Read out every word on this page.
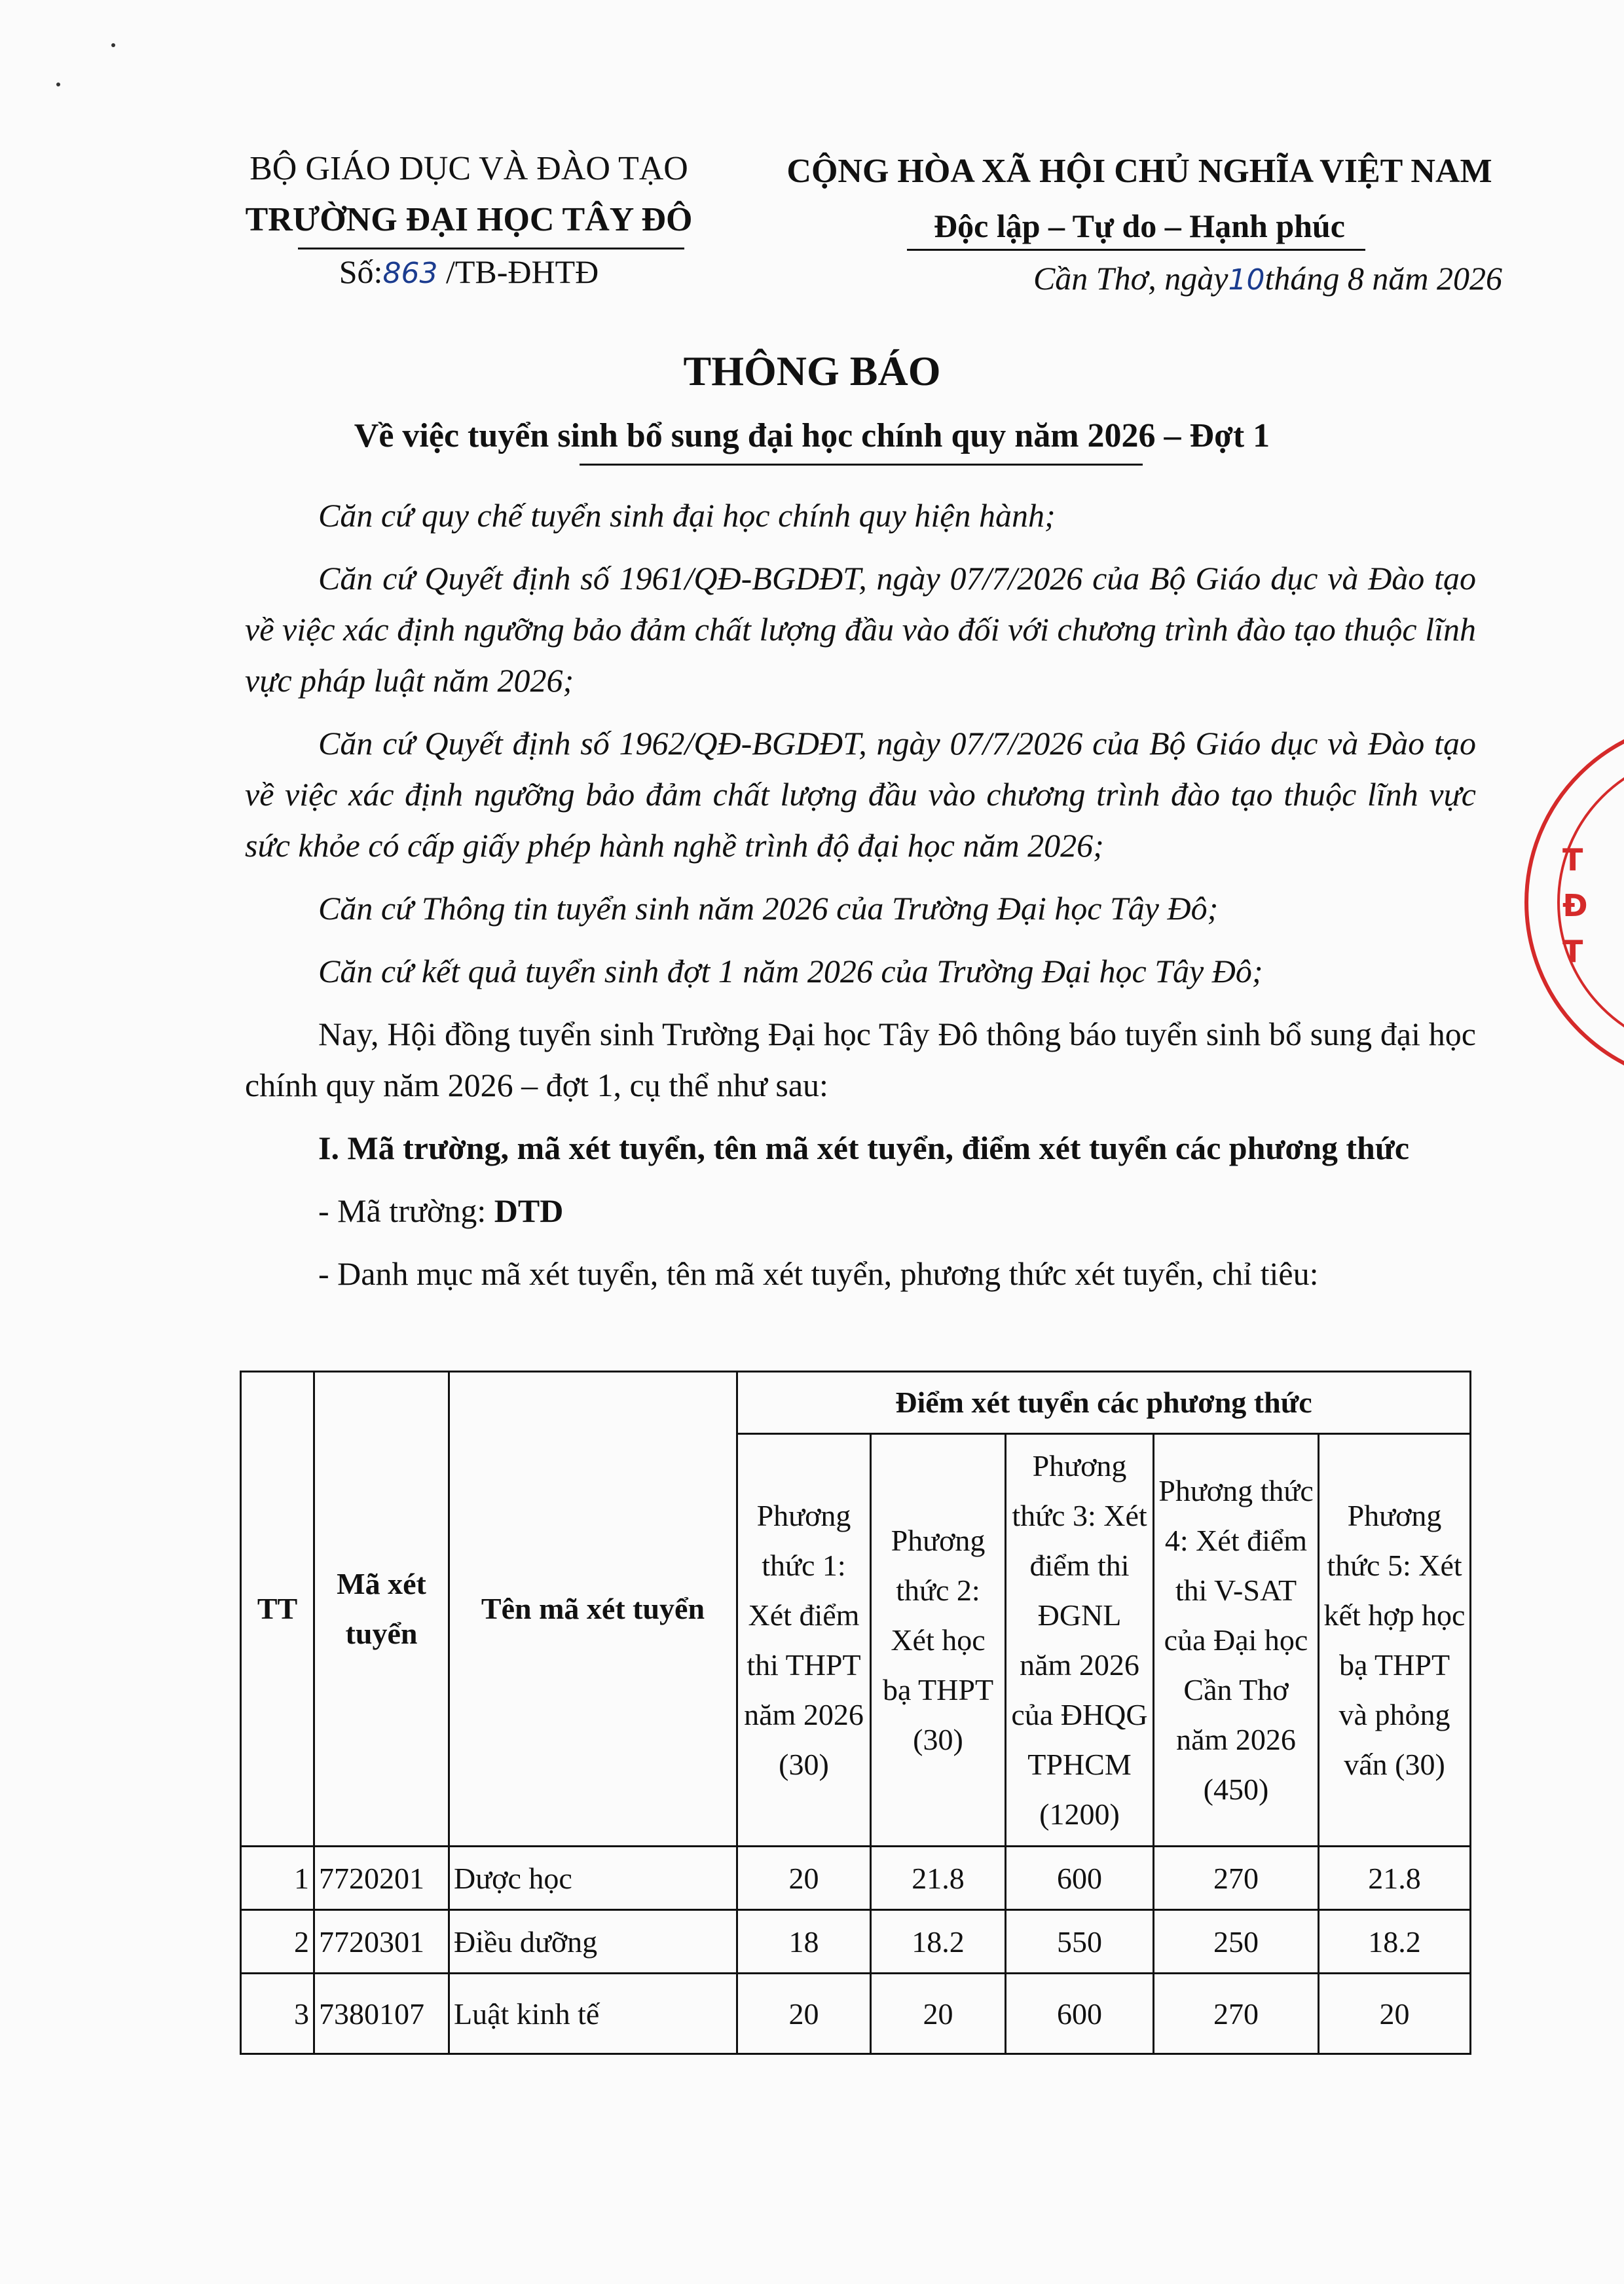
BỘ GIÁO DỤC VÀ ĐÀO TẠO
TRƯỜNG ĐẠI HỌC TÂY ĐÔ
Số:863 /TB-ĐHTĐ
CỘNG HÒA XÃ HỘI CHỦ NGHĨA VIỆT NAM
Độc lập – Tự do – Hạnh phúc
Cần Thơ, ngày10tháng 8 năm 2026
THÔNG BÁO
Về việc tuyển sinh bổ sung đại học chính quy năm 2026 – Đợt 1

Căn cứ quy chế tuyển sinh đại học chính quy hiện hành;

Căn cứ Quyết định số 1961/QĐ-BGDĐT, ngày 07/7/2026 của Bộ Giáo dục và Đào tạo về việc xác định ngưỡng bảo đảm chất lượng đầu vào đối với chương trình đào tạo thuộc lĩnh vực pháp luật năm 2026;

Căn cứ Quyết định số 1962/QĐ-BGDĐT, ngày 07/7/2026 của Bộ Giáo dục và Đào tạo về việc xác định ngưỡng bảo đảm chất lượng đầu vào chương trình đào tạo thuộc lĩnh vực sức khỏe có cấp giấy phép hành nghề trình độ đại học năm 2026;

Căn cứ Thông tin tuyển sinh năm 2026 của Trường Đại học Tây Đô;

Căn cứ kết quả tuyển sinh đợt 1 năm 2026 của Trường Đại học Tây Đô;

Nay, Hội đồng tuyển sinh Trường Đại học Tây Đô thông báo tuyển sinh bổ sung đại học chính quy năm 2026 – đợt 1, cụ thể như sau:

I. Mã trường, mã xét tuyển, tên mã xét tuyển, điểm xét tuyển các phương thức

- Mã trường: DTD

- Danh mục mã xét tuyển, tên mã xét tuyển, phương thức xét tuyển, chỉ tiêu:

TT	Mã xét tuyển	Tên mã xét tuyển	Điểm xét tuyển các phương thức				
			Phương thức 1: Xét điểm thi THPT năm 2026 (30)	Phương thức 2: Xét học bạ THPT (30)	Phương thức 3: Xét điểm thi ĐGNL năm 2026 của ĐHQG TPHCM (1200)	Phương thức 4: Xét điểm thi V-SAT của Đại học Cần Thơ năm 2026 (450)	Phương thức 5: Xét kết hợp học bạ THPT và phỏng vấn (30)
1	7720201	Dược học	20	21.8	600	270	21.8
2	7720301	Điều dưỡng	18	18.2	550	250	18.2
3	7380107	Luật kinh tế	20	20	600	270	20
T
Đ
T
